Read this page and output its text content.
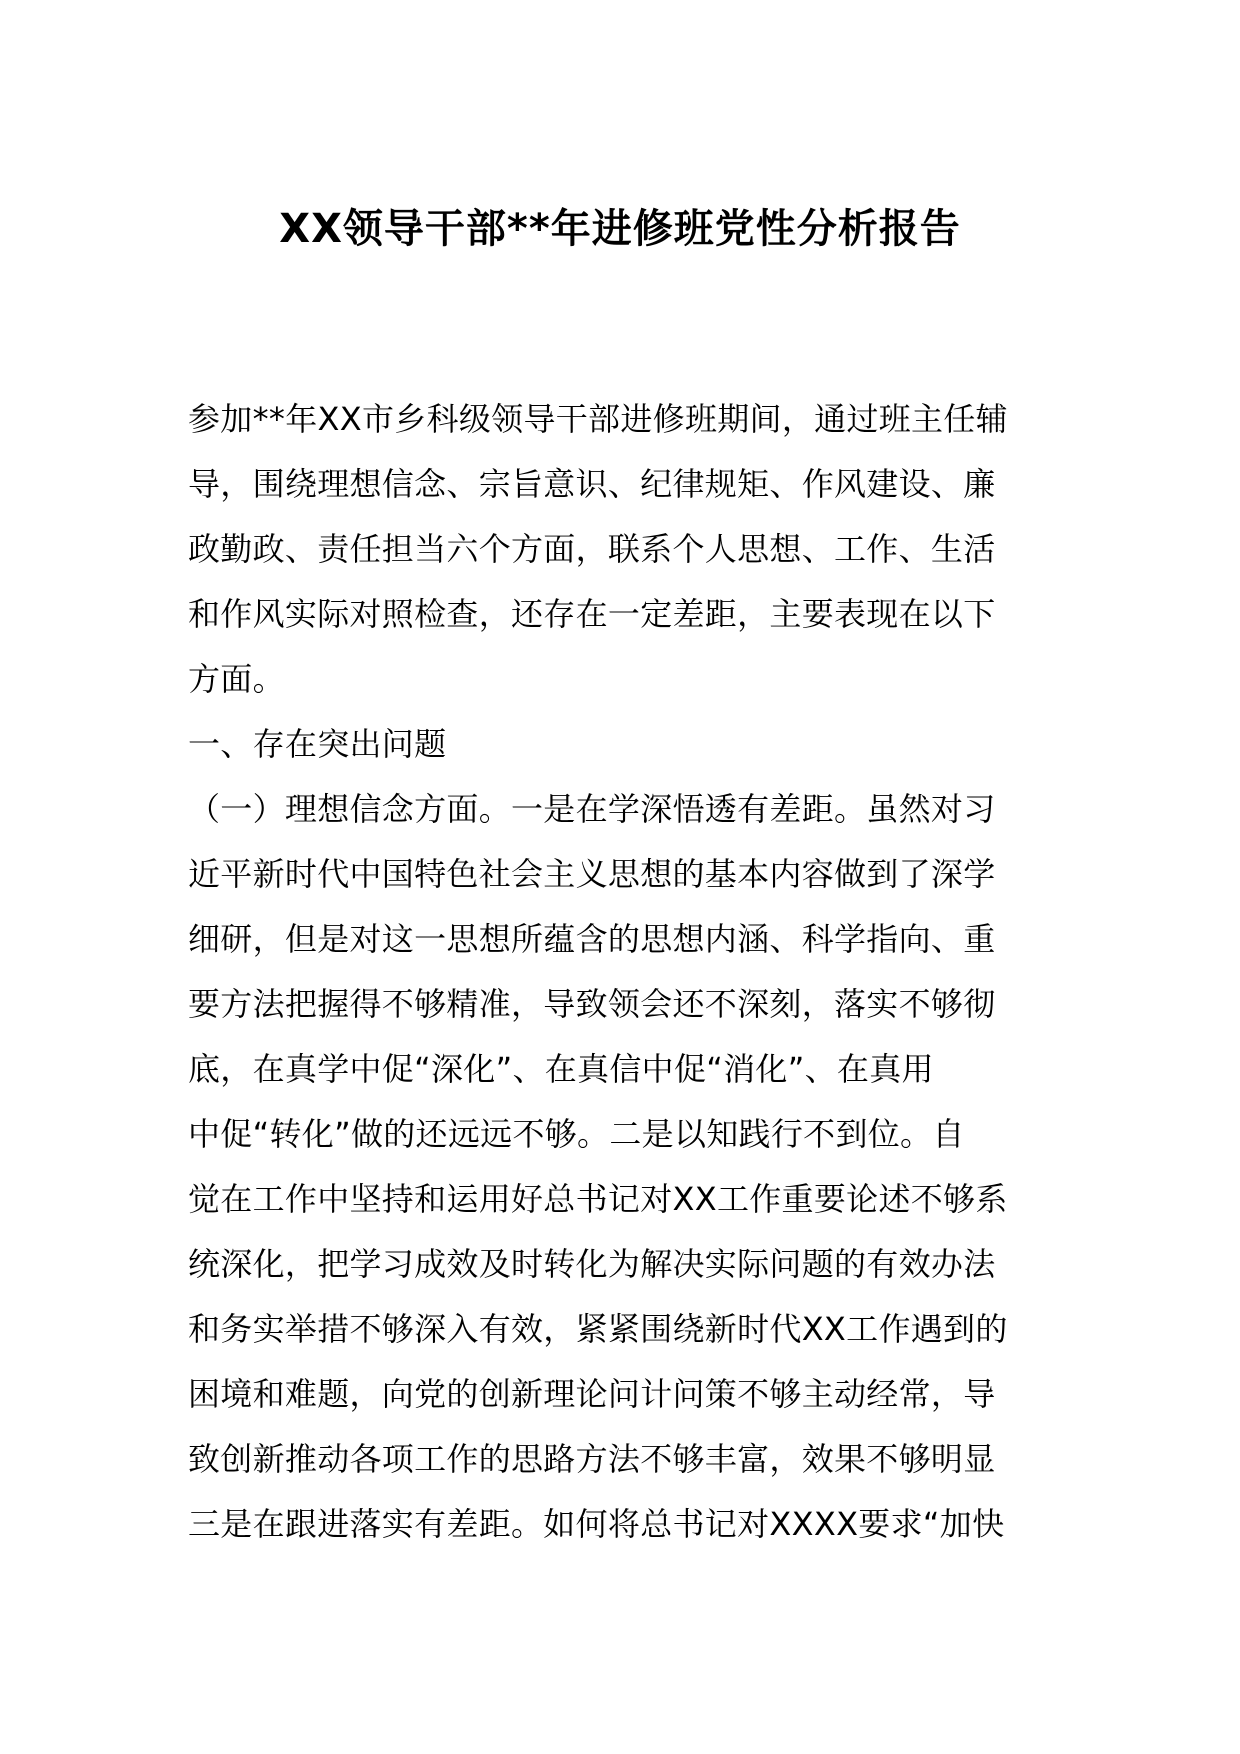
XX领导干部**年进修班党性分析报告
参加**年XX市乡科级领导干部进修班期间，通过班主任辅
导，围绕理想信念、宗旨意识、纪律规矩、作风建设、廉
政勤政、责任担当六个方面，联系个人思想、工作、生活
和作风实际对照检查，还存在一定差距，主要表现在以下
方面。
一、存在突出问题
（一）理想信念方面。一是在学深悟透有差距。虽然对习
近平新时代中国特色社会主义思想的基本内容做到了深学
细研，但是对这一思想所蕴含的思想内涵、科学指向、重
要方法把握得不够精准，导致领会还不深刻，落实不够彻
底，在真学中促“深化”、在真信中促“消化”、在真用
中促“转化”做的还远远不够。二是以知践行不到位。自
觉在工作中坚持和运用好总书记对XX工作重要论述不够系
统深化，把学习成效及时转化为解决实际问题的有效办法
和务实举措不够深入有效，紧紧围绕新时代XX工作遇到的
困境和难题，向党的创新理论问计问策不够主动经常，导
致创新推动各项工作的思路方法不够丰富，效果不够明显
三是在跟进落实有差距。如何将总书记对XXXX要求“加快
